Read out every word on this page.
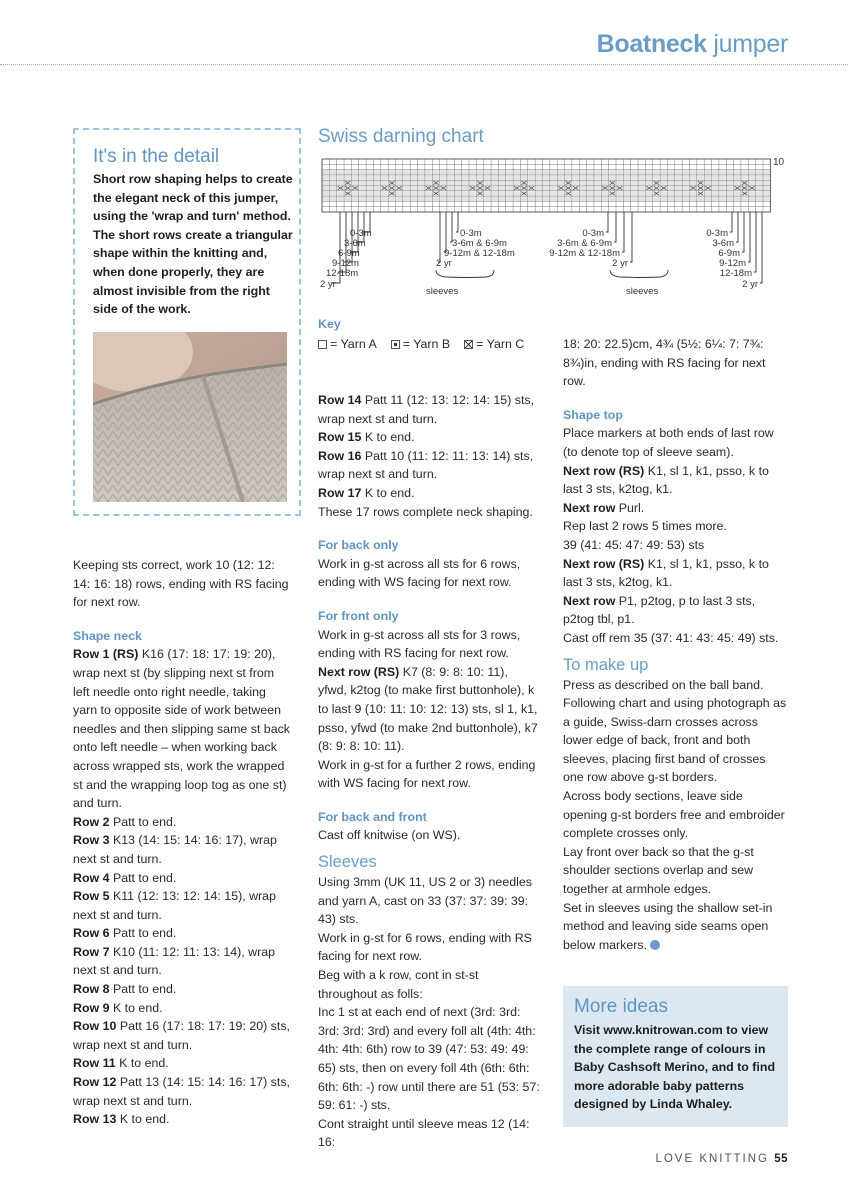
Boatneck jumper
It's in the detail
Short row shaping helps to create the elegant neck of this jumper, using the 'wrap and turn' method. The short rows create a triangular shape within the knitting and, when done properly, they are almost invisible from the right side of the work.
Swiss darning chart
10
0-3m
3-6m
6-9m
9-12m
12-18m
2 yr
0-3m
3-6m & 6-9m
9-12m & 12-18m
2 yr
sleeves
0-3m
3-6m & 6-9m
9-12m & 12-18m
2 yr
sleeves
0-3m
3-6m
6-9m
9-12m
12-18m
2 yr
Key
= Yarn A = Yarn B = Yarn C

Keeping sts correct, work 10 (12: 12: 14: 16: 18) rows, ending with RS facing for next row.

Shape neck

Row 1 (RS) K16 (17: 18: 17: 19: 20), wrap next st (by slipping next st from left needle onto right needle, taking yarn to opposite side of work between needles and then slipping same st back onto left needle – when working back across wrapped sts, work the wrapped st and the wrapping loop tog as one st) and turn.

Row 2 Patt to end.

Row 3 K13 (14: 15: 14: 16: 17), wrap next st and turn.

Row 4 Patt to end.

Row 5 K11 (12: 13: 12: 14: 15), wrap next st and turn.

Row 6 Patt to end.

Row 7 K10 (11: 12: 11: 13: 14), wrap next st and turn.

Row 8 Patt to end.

Row 9 K to end.

Row 10 Patt 16 (17: 18: 17: 19: 20) sts, wrap next st and turn.

Row 11 K to end.

Row 12 Patt 13 (14: 15: 14: 16: 17) sts, wrap next st and turn.

Row 13 K to end.

Row 14 Patt 11 (12: 13: 12: 14: 15) sts, wrap next st and turn.

Row 15 K to end.

Row 16 Patt 10 (11: 12: 11: 13: 14) sts, wrap next st and turn.

Row 17 K to end.

These 17 rows complete neck shaping.

For back only

Work in g-st across all sts for 6 rows, ending with WS facing for next row.

For front only

Work in g-st across all sts for 3 rows, ending with RS facing for next row.

Next row (RS) K7 (8: 9: 8: 10: 11), yfwd, k2tog (to make first buttonhole), k to last 9 (10: 11: 10: 12: 13) sts, sl 1, k1, psso, yfwd (to make 2nd buttonhole), k7 (8: 9: 8: 10: 11).

Work in g-st for a further 2 rows, ending with WS facing for next row.

For back and front

Cast off knitwise (on WS).

Sleeves

Using 3mm (UK 11, US 2 or 3) needles and yarn A, cast on 33 (37: 37: 39: 39: 43) sts.

Work in g-st for 6 rows, ending with RS facing for next row.

Beg with a k row, cont in st-st throughout as folls:

Inc 1 st at each end of next (3rd: 3rd: 3rd: 3rd: 3rd) and every foll alt (4th: 4th: 4th: 4th: 6th) row to 39 (47: 53: 49: 49: 65) sts, then on every foll 4th (6th: 6th: 6th: 6th: -) row until there are 51 (53: 57: 59: 61: -) sts.

Cont straight until sleeve meas 12 (14: 16:

18: 20: 22.5)cm, 4¾ (5½: 6¼: 7: 7¾: 8¾)in, ending with RS facing for next row.

Shape top

Place markers at both ends of last row (to denote top of sleeve seam).

Next row (RS) K1, sl 1, k1, psso, k to last 3 sts, k2tog, k1.

Next row Purl.

Rep last 2 rows 5 times more.

39 (41: 45: 47: 49: 53) sts

Next row (RS) K1, sl 1, k1, psso, k to last 3 sts, k2tog, k1.

Next row P1, p2tog, p to last 3 sts, p2tog tbl, p1.

Cast off rem 35 (37: 41: 43: 45: 49) sts.

To make up

Press as described on the ball band.

Following chart and using photograph as a guide, Swiss-darn crosses across lower edge of back, front and both sleeves, placing first band of crosses one row above g-st borders.

Across body sections, leave side opening g-st borders free and embroider complete crosses only.

Lay front over back so that the g-st shoulder sections overlap and sew together at armhole edges.

Set in sleeves using the shallow set-in method and leaving side seams open below markers.

More ideas
Visit www.knitrowan.com to view the complete range of colours in Baby Cashsoft Merino, and to find more adorable baby patterns designed by Linda Whaley.
LOVE KNITTING 55
